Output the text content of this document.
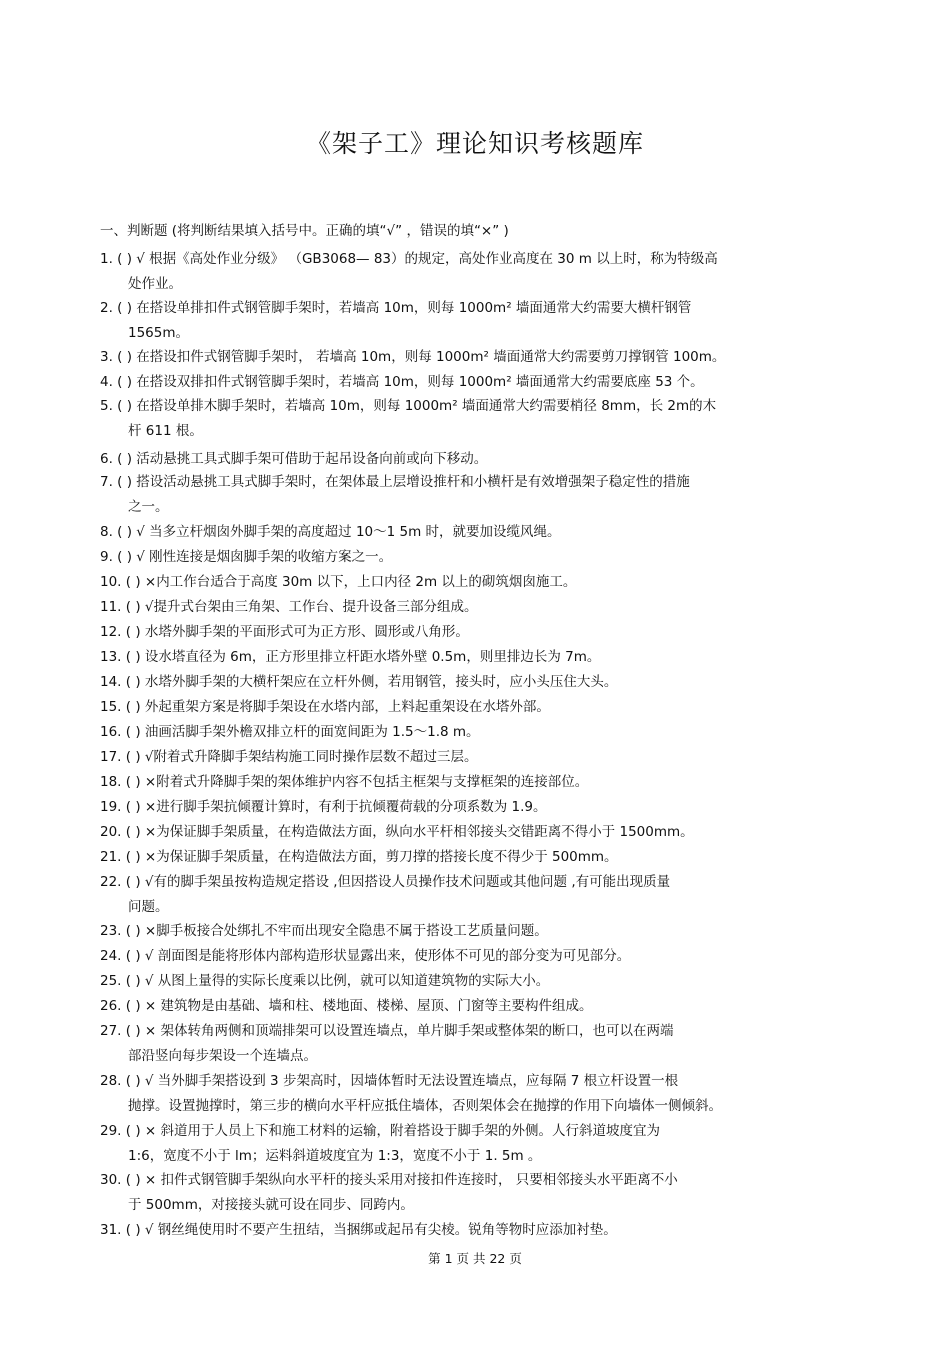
《架子工》理论知识考核题库
一、判断题 (将判断结果填入括号中。正确的填“√” ，错误的填“×” )
1. ( ) √ 根据《高处作业分级》 （GB3068— 83）的规定，高处作业高度在 30 m 以上时，称为特级高
处作业。
2. ( ) 在搭设单排扣件式钢管脚手架时，若墙高 10m，则每 1000m² 墙面通常大约需要大横杆钢管
1565m。
3. ( ) 在搭设扣件式钢管脚手架时， 若墙高 10m，则每 1000m² 墙面通常大约需要剪刀撑钢管 100m。
4. ( ) 在搭设双排扣件式钢管脚手架时，若墙高 10m，则每 1000m² 墙面通常大约需要底座 53 个。
5. ( ) 在搭设单排木脚手架时，若墙高 10m，则每 1000m² 墙面通常大约需要梢径 8mm，长 2m的木
杆 611 根。
6. ( ) 活动悬挑工具式脚手架可借助于起吊设备向前或向下移动。
7. ( ) 搭设活动悬挑工具式脚手架时，在架体最上层增设推杆和小横杆是有效增强架子稳定性的措施
之一。
8. ( ) √ 当多立杆烟囱外脚手架的高度超过 10～1 5m 时，就要加设缆风绳。
9. ( ) √ 刚性连接是烟囱脚手架的收缩方案之一。
10. ( ) ×内工作台适合于高度 30m 以下，上口内径 2m 以上的砌筑烟囱施工。
11. ( ) √提升式台架由三角架、工作台、提升设备三部分组成。
12. ( ) 水塔外脚手架的平面形式可为正方形、圆形或八角形。
13. ( ) 设水塔直径为 6m，正方形里排立杆距水塔外壁 0.5m，则里排边长为 7m。
14. ( ) 水塔外脚手架的大横杆架应在立杆外侧，若用钢管，接头时，应小头压住大头。
15. ( ) 外起重架方案是将脚手架设在水塔内部，上料起重架设在水塔外部。
16. ( ) 油画活脚手架外檐双排立杆的面宽间距为 1.5～1.8 m。
17. ( ) √附着式升降脚手架结构施工同时操作层数不超过三层。
18. ( ) ×附着式升降脚手架的架体维护内容不包括主框架与支撑框架的连接部位。
19. ( ) ×进行脚手架抗倾覆计算时，有利于抗倾覆荷载的分项系数为 1.9。
20. ( ) ×为保证脚手架质量，在构造做法方面，纵向水平杆相邻接头交错距离不得小于 1500mm。
21. ( ) ×为保证脚手架质量，在构造做法方面，剪刀撑的搭接长度不得少于 500mm。
22. ( ) √有的脚手架虽按构造规定搭设 ,但因搭设人员操作技术问题或其他问题 ,有可能出现质量
问题。
23. ( ) ×脚手板接合处绑扎不牢而出现安全隐患不属于搭设工艺质量问题。
24. ( ) √ 剖面图是能将形体内部构造形状显露出来，使形体不可见的部分变为可见部分。
25. ( ) √ 从图上量得的实际长度乘以比例，就可以知道建筑物的实际大小。
26. ( ) × 建筑物是由基础、墙和柱、楼地面、楼梯、屋顶、门窗等主要构件组成。
27. ( ) × 架体转角两侧和顶端排架可以设置连墙点，单片脚手架或整体架的断口，也可以在两端
部沿竖向每步架设一个连墙点。
28. ( ) √ 当外脚手架搭设到 3 步架高时，因墙体暂时无法设置连墙点，应每隔 7 根立杆设置一根
抛撑。设置抛撑时，第三步的横向水平杆应抵住墙体，否则架体会在抛撑的作用下向墙体一侧倾斜。
29. ( ) × 斜道用于人员上下和施工材料的运输，附着搭设于脚手架的外侧。人行斜道坡度宜为
1:6，宽度不小于 lm；运料斜道坡度宜为 1:3，宽度不小于 1. 5m 。
30. ( ) × 扣件式钢管脚手架纵向水平杆的接头采用对接扣件连接时， 只要相邻接头水平距离不小
于 500mm，对接接头就可设在同步、同跨内。
31. ( ) √ 钢丝绳使用时不要产生扭结，当捆绑或起吊有尖棱。锐角等物时应添加衬垫。
第 1 页 共 22 页
